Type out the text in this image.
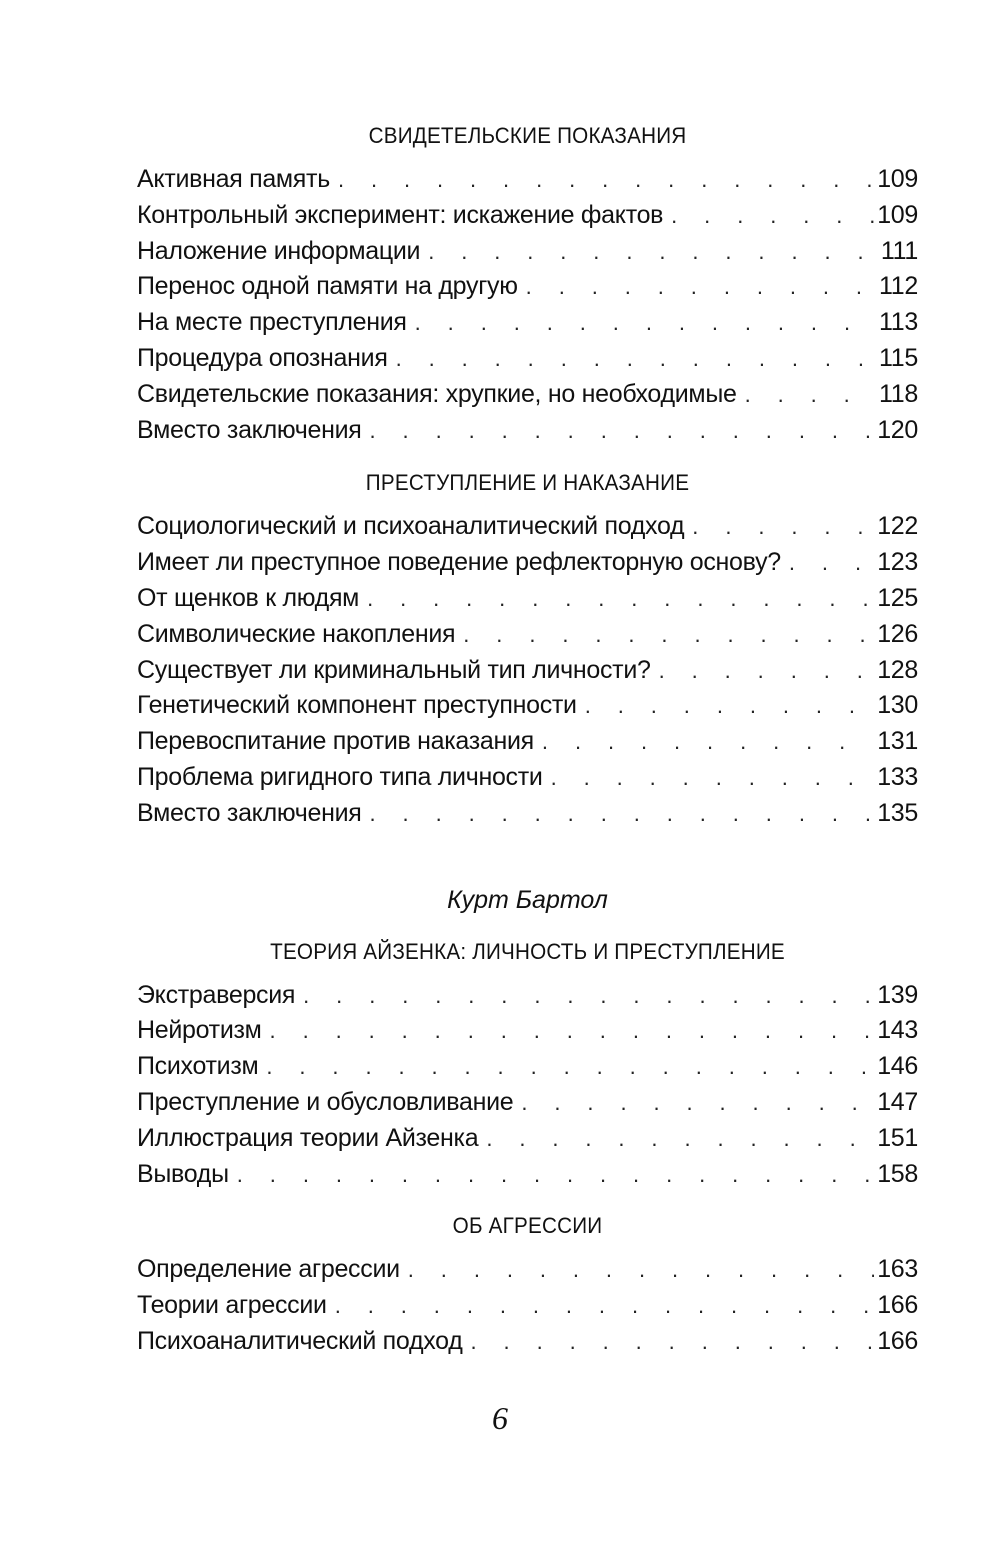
СВИДЕТЕЛЬСКИЕ ПОКАЗАНИЯ
Активная память . . .	109
Контрольный эксперимент: искажение фактов . . .	109
Наложение информации . . .	111
Перенос одной памяти на другую . . .	112
На месте преступления . . .	113
Процедура опознания . . .	115
Свидетельские показания: хрупкие, но необходимые . . .	118
Вместо заключения . . .	120
ПРЕСТУПЛЕНИЕ И НАКАЗАНИЕ
Социологический и психоаналитический подход . . .	122
Имеет ли преступное поведение рефлекторную основу? . . .	123
От щенков к людям . . .	125
Символические накопления . . .	126
Существует ли криминальный тип личности? . . .	128
Генетический компонент преступности . . .	130
Перевоспитание против наказания . . .	131
Проблема ригидного типа личности . . .	133
Вместо заключения . . .	135
Курт Бартол
ТЕОРИЯ АЙЗЕНКА: ЛИЧНОСТЬ И ПРЕСТУПЛЕНИЕ
Экстраверсия . . .	139
Нейротизм . . .	143
Психотизм . . .	146
Преступление и обусловливание . . .	147
Иллюстрация теории Айзенка . . .	151
Выводы . . .	158
ОБ АГРЕССИИ
Определение агрессии . . .	163
Теории агрессии . . .	166
Психоаналитический подход . . .	166
6
